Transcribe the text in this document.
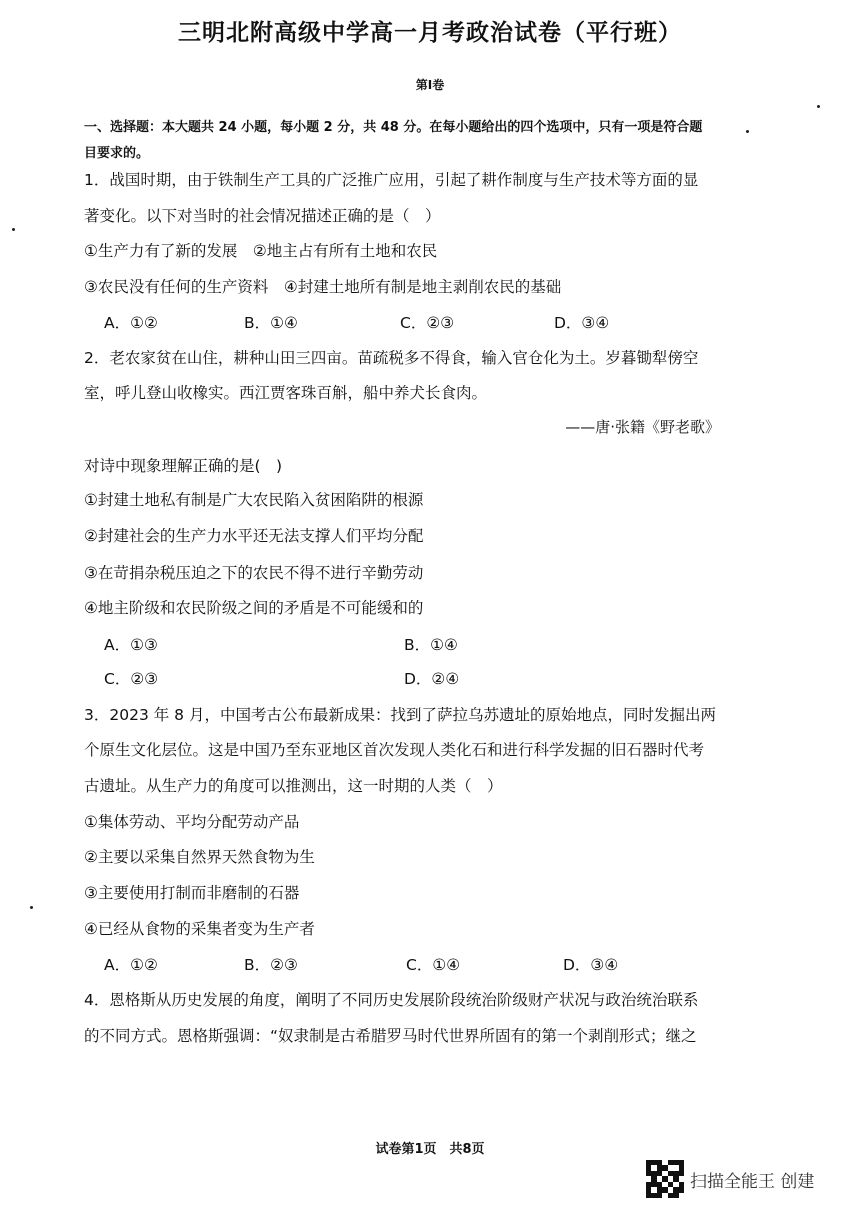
三明北附高级中学高一月考政治试卷（平行班）
第Ⅰ卷
一、选择题：本大题共 24 小题，每小题 2 分，共 48 分。在每小题给出的四个选项中，只有一项是符合题
目要求的。
1．战国时期，由于铁制生产工具的广泛推广应用，引起了耕作制度与生产技术等方面的显
著变化。以下对当时的社会情况描述正确的是（　）
①生产力有了新的发展　②地主占有所有土地和农民
③农民没有任何的生产资料　④封建土地所有制是地主剥削农民的基础
A．①②	B．①④	C．②③	D．③④
2．老农家贫在山住，耕种山田三四亩。苗疏税多不得食，输入官仓化为土。岁暮锄犁傍空
室，呼儿登山收橡实。西江贾客珠百斛，船中养犬长食肉。
——唐·张籍《野老歌》
对诗中现象理解正确的是(　)
①封建土地私有制是广大农民陷入贫困陷阱的根源
②封建社会的生产力水平还无法支撑人们平均分配
③在苛捐杂税压迫之下的农民不得不进行辛勤劳动
④地主阶级和农民阶级之间的矛盾是不可能缓和的
A．①③	B．①④
C．②③	D．②④
3．2023 年 8 月，中国考古公布最新成果：找到了萨拉乌苏遗址的原始地点，同时发掘出两
个原生文化层位。这是中国乃至东亚地区首次发现人类化石和进行科学发掘的旧石器时代考
古遗址。从生产力的角度可以推测出，这一时期的人类（　）
①集体劳动、平均分配劳动产品
②主要以采集自然界天然食物为生
③主要使用打制而非磨制的石器
④已经从食物的采集者变为生产者
A．①②	B．②③	C．①④	D．③④
4．恩格斯从历史发展的角度，阐明了不同历史发展阶段统治阶级财产状况与政治统治联系
的不同方式。恩格斯强调：“奴隶制是古希腊罗马时代世界所固有的第一个剥削形式；继之
试卷第1页　共8页
扫描全能王 创建
